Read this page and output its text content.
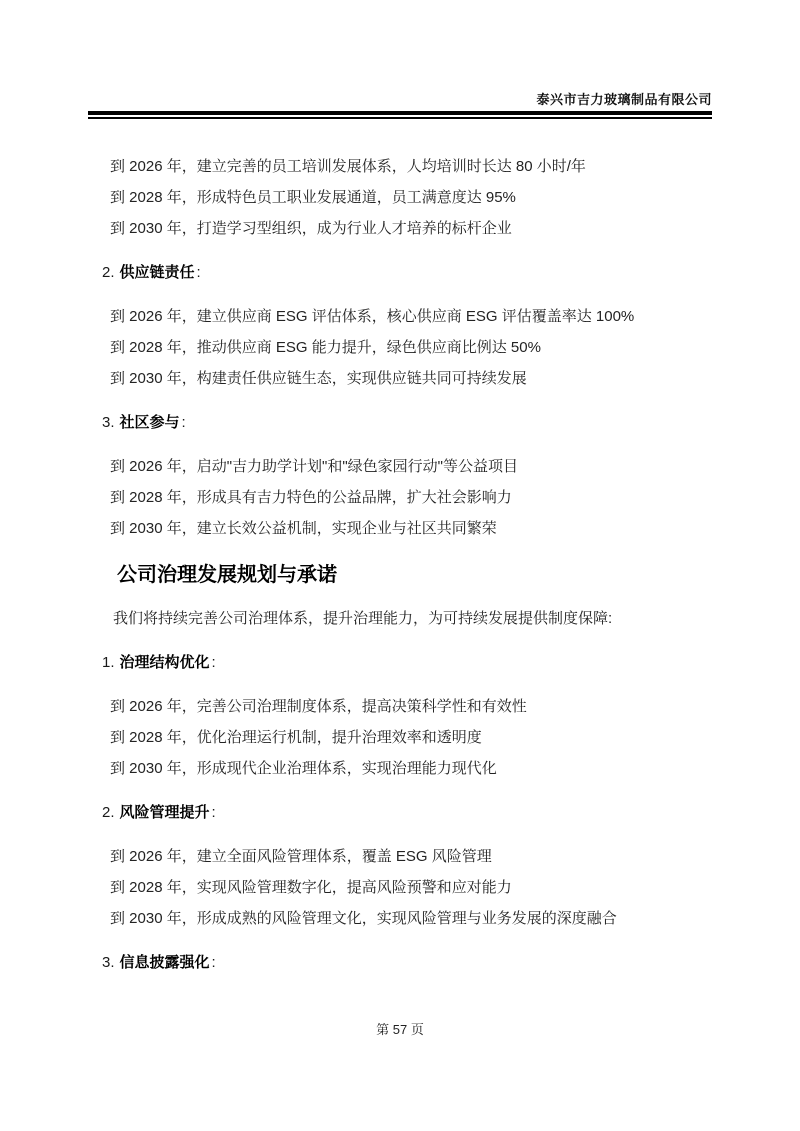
泰兴市吉力玻璃制品有限公司

到 2026 年，建立完善的员工培训发展体系，人均培训时长达 80 小时/年

到 2028 年，形成特色员工职业发展通道，员工满意度达 95%

到 2030 年，打造学习型组织，成为行业人才培养的标杆企业

2. 供应链责任 :

到 2026 年，建立供应商 ESG 评估体系，核心供应商 ESG 评估覆盖率达 100%

到 2028 年，推动供应商 ESG 能力提升，绿色供应商比例达 50%

到 2030 年，构建责任供应链生态，实现供应链共同可持续发展

3. 社区参与 :

到 2026 年，启动"吉力助学计划"和"绿色家园行动"等公益项目

到 2028 年，形成具有吉力特色的公益品牌，扩大社会影响力

到 2030 年，建立长效公益机制，实现企业与社区共同繁荣

公司治理发展规划与承诺

我们将持续完善公司治理体系，提升治理能力，为可持续发展提供制度保障:

1. 治理结构优化 :

到 2026 年，完善公司治理制度体系，提高决策科学性和有效性

到 2028 年，优化治理运行机制，提升治理效率和透明度

到 2030 年，形成现代企业治理体系，实现治理能力现代化

2. 风险管理提升 :

到 2026 年，建立全面风险管理体系，覆盖 ESG 风险管理

到 2028 年，实现风险管理数字化，提高风险预警和应对能力

到 2030 年，形成成熟的风险管理文化，实现风险管理与业务发展的深度融合

3. 信息披露强化 :

第 57 页
